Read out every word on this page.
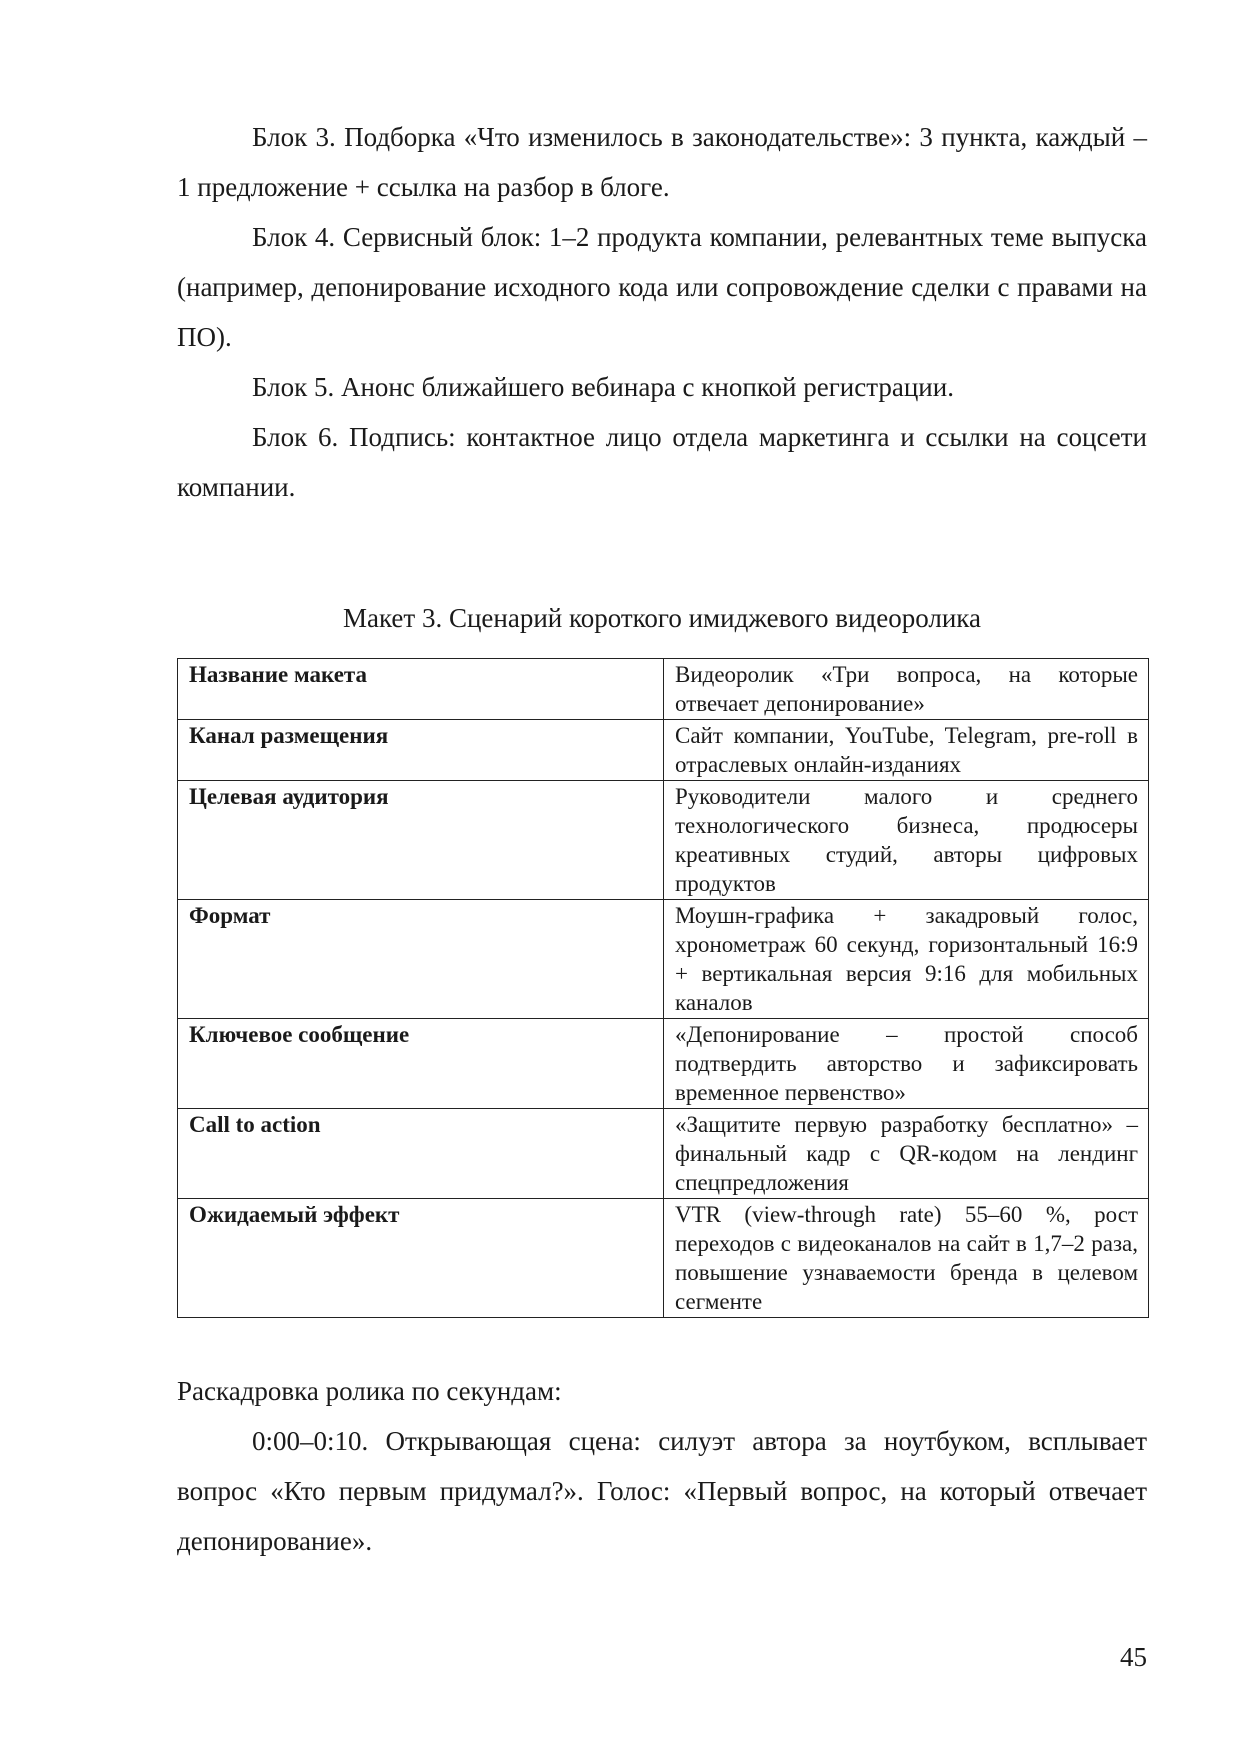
Блок 3. Подборка «Что изменилось в законодательстве»: 3 пункта, каждый – 1 предложение + ссылка на разбор в блоге.

Блок 4. Сервисный блок: 1–2 продукта компании, релевантных теме выпуска (например, депонирование исходного кода или сопровождение сделки с правами на ПО).

Блок 5. Анонс ближайшего вебинара с кнопкой регистрации.

Блок 6. Подпись: контактное лицо отдела маркетинга и ссылки на соцсети компании.

Макет 3. Сценарий короткого имиджевого видеоролика

Название макета	Видеоролик «Три вопроса, на которые отвечает депонирование»
Канал размещения	Сайт компании, YouTube, Telegram, pre-roll в отраслевых онлайн-изданиях
Целевая аудитория	Руководители малого и среднего технологического бизнеса, продюсеры креативных студий, авторы цифровых продуктов
Формат	Моушн-графика + закадровый голос, хронометраж 60 секунд, горизонтальный 16:9 + вертикальная версия 9:16 для мобильных каналов
Ключевое сообщение	«Депонирование – простой способ подтвердить авторство и зафиксировать временное первенство»
Call to action	«Защитите первую разработку бесплатно» – финальный кадр с QR-кодом на лендинг спецпредложения
Ожидаемый эффект	VTR (view-through rate) 55–60 %, рост переходов с видеоканалов на сайт в 1,7–2 раза, повышение узнаваемости бренда в целевом сегменте

Раскадровка ролика по секундам:

0:00–0:10. Открывающая сцена: силуэт автора за ноутбуком, всплывает вопрос «Кто первым придумал?». Голос: «Первый вопрос, на который отвечает депонирование».

45
